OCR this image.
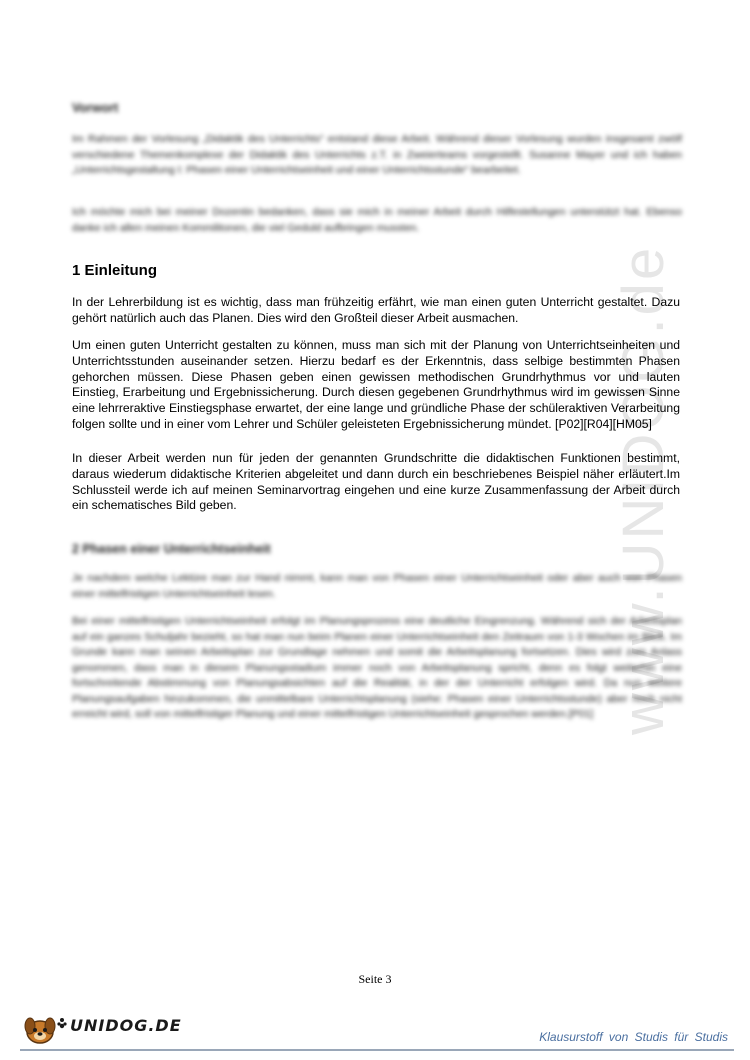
www.UNIDOG.de
Vorwort
Im Rahmen der Vorlesung „Didaktik des Unterrichts“ entstand diese Arbeit. Während dieser Vorlesung wurden insgesamt zwölf verschiedene Themenkomplexe der Didaktik des Unterrichts z.T. in Zweierteams vorgestellt. Susanne Mayer und ich haben „Unterrichtsgestaltung I: Phasen einer Unterrichtseinheit und einer Unterrichtsstunde“ bearbeitet.
Ich möchte mich bei meiner Dozentin bedanken, dass sie mich in meiner Arbeit durch Hilfestellungen unterstützt hat. Ebenso danke ich allen meinen Kommilitonen, die viel Geduld aufbringen mussten.
1 Einleitung
In der Lehrerbildung ist es wichtig, dass man frühzeitig erfährt, wie man einen guten Unterricht gestaltet. Dazu gehört natürlich auch das Planen. Dies wird den Großteil dieser Arbeit ausmachen.
Um einen guten Unterricht gestalten zu können, muss man sich mit der Planung von Unterrichtseinheiten und Unterrichtsstunden auseinander setzen. Hierzu bedarf es der Erkenntnis, dass selbige bestimmten Phasen gehorchen müssen. Diese Phasen geben einen gewissen methodischen Grundrhythmus vor und lauten Einstieg, Erarbeitung und Ergebnissicherung. Durch diesen gegebenen Grundrhythmus wird im gewissen Sinne eine lehrreraktive Einstiegsphase erwartet, der eine lange und gründliche Phase der schüleraktiven Verarbeitung folgen sollte und in einer vom Lehrer und Schüler geleisteten Ergebnissicherung mündet. [P02][R04][HM05]
In dieser Arbeit werden nun für jeden der genannten Grundschritte die didaktischen Funktionen bestimmt, daraus wiederum didaktische Kriterien abgeleitet und dann durch ein beschriebenes Beispiel näher erläutert.Im Schlussteil werde ich auf meinen Seminarvortrag eingehen und eine kurze Zusammenfassung der Arbeit durch ein schematisches Bild geben.
2 Phasen einer Unterrichtseinheit
Je nachdem welche Lektüre man zur Hand nimmt, kann man von Phasen einer Unterrichtseinheit oder aber auch von Phasen einer mittelfristigen Unterrichtseinheit lesen.
Bei einer mittelfristigen Unterrichtseinheit erfolgt im Planungsprozess eine deutliche Eingrenzung. Während sich der Arbeitsplan auf ein ganzes Schuljahr bezieht, so hat man nun beim Planen einer Unterrichtseinheit den Zeitraum von 1-3 Wochen im Blick. Im Grunde kann man seinen Arbeitsplan zur Grundlage nehmen und somit die Arbeitsplanung fortsetzen. Dies wird zum Anlass genommen, dass man in diesem Planungsstadium immer noch von Arbeitsplanung spricht, denn es folgt weiterhin eine fortschreitende Abstimmung von Planungsabsichten auf die Realität, in der der Unterricht erfolgen wird. Da nun weitere Planungsaufgaben hinzukommen, die unmittelbare Unterrichtsplanung (siehe: Phasen einer Unterrichtsstunde) aber noch nicht erreicht wird, soll von mittelfristiger Planung und einer mittelfristigen Unterrichtseinheit gesprochen werden.[P01]
Seite 3
UNIDOG.DE
Klausurstoff von Studis für Studis
